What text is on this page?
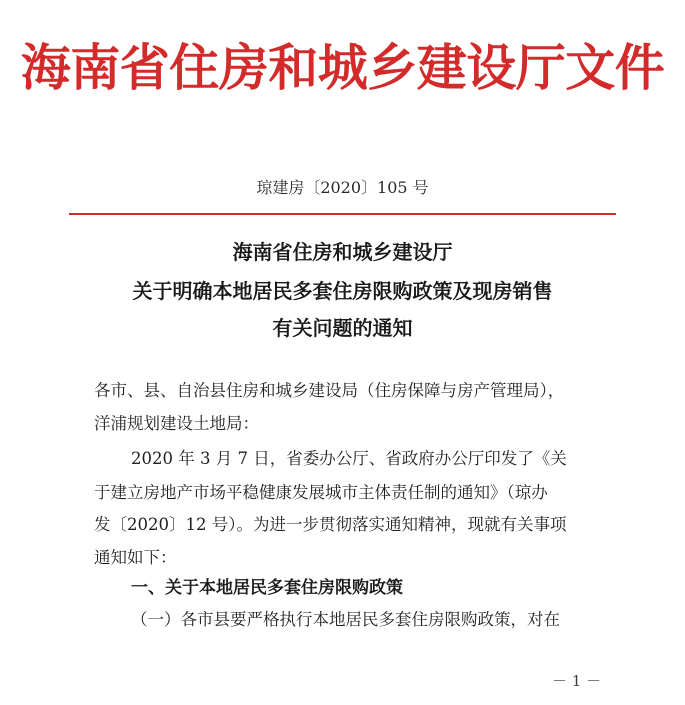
海南省住房和城乡建设厅文件
琼建房〔2020〕105 号
海南省住房和城乡建设厅
关于明确本地居民多套住房限购政策及现房销售
有关问题的通知
各市、县、自治县住房和城乡建设局（住房保障与房产管理局），
洋浦规划建设土地局：
2020 年 3 月 7 日，省委办公厅、省政府办公厅印发了《关
于建立房地产市场平稳健康发展城市主体责任制的通知》（琼办
发〔2020〕12 号）。为进一步贯彻落实通知精神，现就有关事项
通知如下：
一、关于本地居民多套住房限购政策
（一）各市县要严格执行本地居民多套住房限购政策，对在
－ 1 －
